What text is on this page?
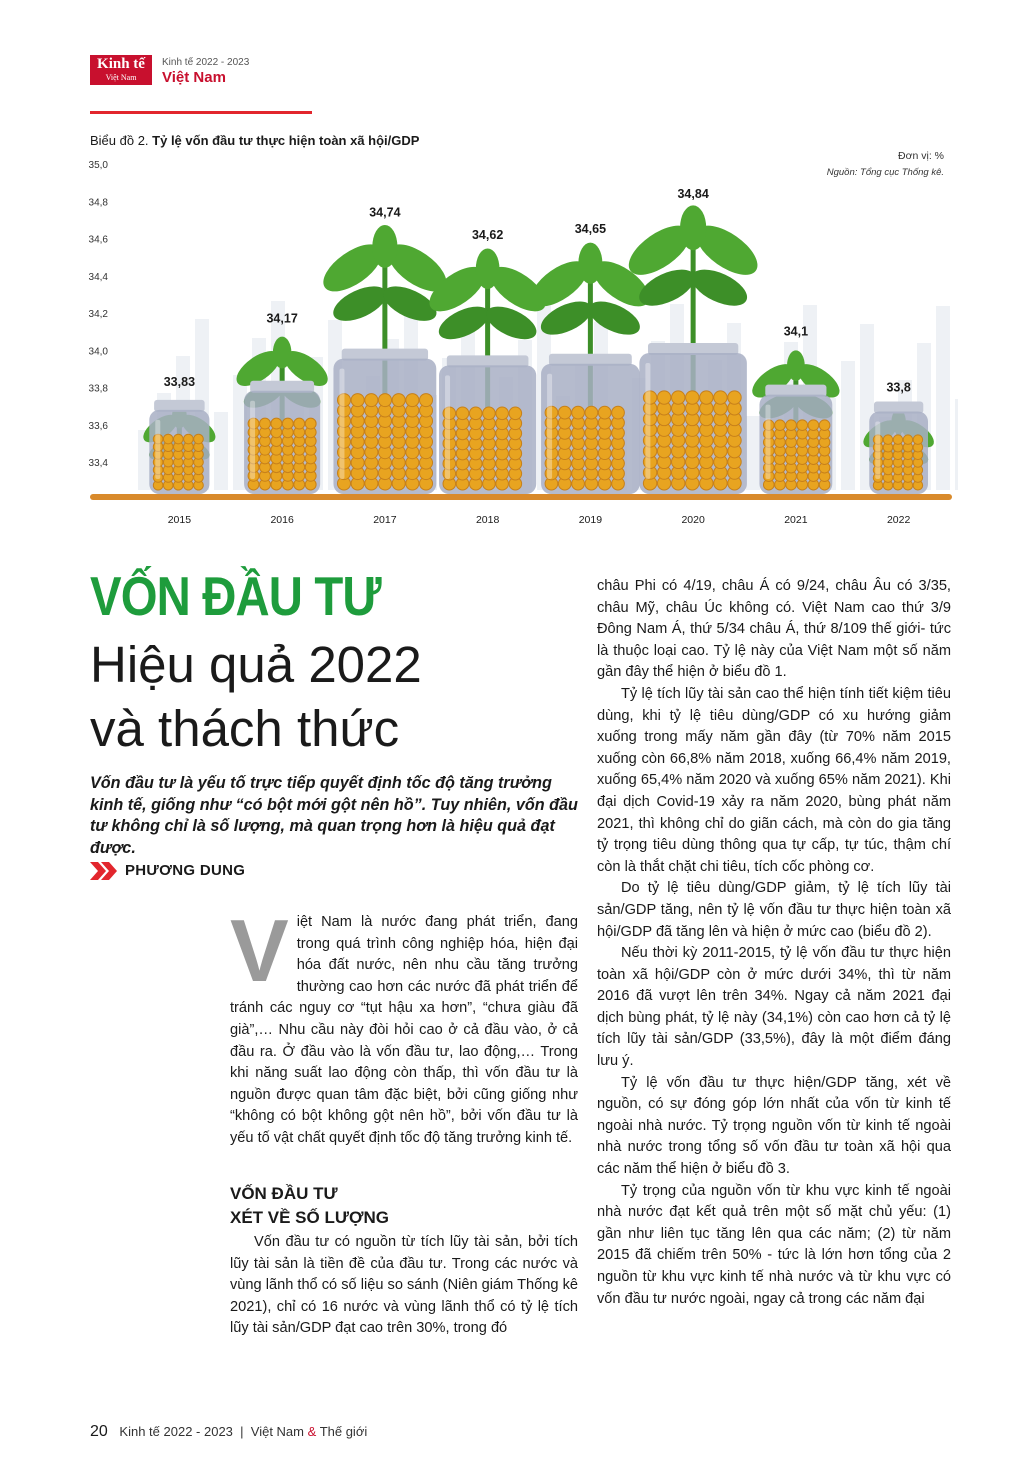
Kinh tế
Việt Nam
Kinh tế 2022 - 2023
Việt Nam
Biểu đồ 2. Tỷ lệ vốn đầu tư thực hiện toàn xã hội/GDP
Đơn vị: %
Nguồn: Tổng cục Thống kê.
33,4
33,6
33,8
34,0
34,2
34,4
34,6
34,8
35,0
33,83
2015
34,17
2016
34,74
2017
34,62
2018
34,65
2019
34,84
2020
34,1
2021
33,8
2022
VỐN ĐẦU TƯ
Hiệu quả 2022
và thách thức
Vốn đầu tư là yếu tố trực tiếp quyết định tốc độ tăng trưởng kinh tế, giống như “có bột mới gột nên hồ”. Tuy nhiên, vốn đầu tư không chỉ là số lượng, mà quan trọng hơn là hiệu quả đạt được.
PHƯƠNG DUNG

Việt Nam là nước đang phát triển, đang trong quá trình công nghiệp hóa, hiện đại hóa đất nước, nên nhu cầu tăng trưởng thường cao hơn các nước đã phát triển để tránh các nguy cơ “tụt hậu xa hơn”, “chưa giàu đã già”,… Nhu cầu này đòi hỏi cao ở cả đầu vào, ở cả đầu ra. Ở đầu vào là vốn đầu tư, lao động,… Trong khi năng suất lao động còn thấp, thì vốn đầu tư là nguồn được quan tâm đặc biệt, bởi cũng giống như “không có bột không gột nên hồ”, bởi vốn đầu tư là yếu tố vật chất quyết định tốc độ tăng trưởng kinh tế.

VỐN ĐẦU TƯ
XÉT VỀ SỐ LƯỢNG

Vốn đầu tư có nguồn từ tích lũy tài sản, bởi tích lũy tài sản là tiền đề của đầu tư. Trong các nước và vùng lãnh thổ có số liệu so sánh (Niên giám Thống kê 2021), chỉ có 16 nước và vùng lãnh thổ có tỷ lệ tích lũy tài sản/GDP đạt cao trên 30%, trong đó

châu Phi có 4/19, châu Á có 9/24, châu Âu có 3/35, châu Mỹ, châu Úc không có. Việt Nam cao thứ 3/9 Đông Nam Á, thứ 5/34 châu Á, thứ 8/109 thế giới- tức là thuộc loại cao. Tỷ lệ này của Việt Nam một số năm gần đây thể hiện ở biểu đồ 1.

Tỷ lệ tích lũy tài sản cao thể hiện tính tiết kiệm tiêu dùng, khi tỷ lệ tiêu dùng/GDP có xu hướng giảm xuống trong mấy năm gần đây (từ 70% năm 2015 xuống còn 66,8% năm 2018, xuống 66,4% năm 2019, xuống 65,4% năm 2020 và xuống 65% năm 2021). Khi đại dịch Covid-19 xảy ra năm 2020, bùng phát năm 2021, thì không chỉ do giãn cách, mà còn do gia tăng tỷ trọng tiêu dùng thông qua tự cấp, tự túc, thậm chí còn là thắt chặt chi tiêu, tích cốc phòng cơ.

Do tỷ lệ tiêu dùng/GDP giảm, tỷ lệ tích lũy tài sản/GDP tăng, nên tỷ lệ vốn đầu tư thực hiện toàn xã hội/GDP đã tăng lên và hiện ở mức cao (biểu đồ 2).

Nếu thời kỳ 2011-2015, tỷ lệ vốn đầu tư thực hiện toàn xã hội/GDP còn ở mức dưới 34%, thì từ năm 2016 đã vượt lên trên 34%. Ngay cả năm 2021 đại dịch bùng phát, tỷ lệ này (34,1%) còn cao hơn cả tỷ lệ tích lũy tài sản/GDP (33,5%), đây là một điểm đáng lưu ý.

Tỷ lệ vốn đầu tư thực hiện/GDP tăng, xét về nguồn, có sự đóng góp lớn nhất của vốn từ kinh tế ngoài nhà nước. Tỷ trọng nguồn vốn từ kinh tế ngoài nhà nước trong tổng số vốn đầu tư toàn xã hội qua các năm thể hiện ở biểu đồ 3.

Tỷ trọng của nguồn vốn từ khu vực kinh tế ngoài nhà nước đạt kết quả trên một số mặt chủ yếu: (1) gần như liên tục tăng lên qua các năm; (2) từ năm 2015 đã chiếm trên 50% - tức là lớn hơn tổng của 2 nguồn từ khu vực kinh tế nhà nước và từ khu vực có vốn đầu tư nước ngoài, ngay cả trong các năm đại

20 Kinh tế 2022 - 2023 | Việt Nam & Thế giới
